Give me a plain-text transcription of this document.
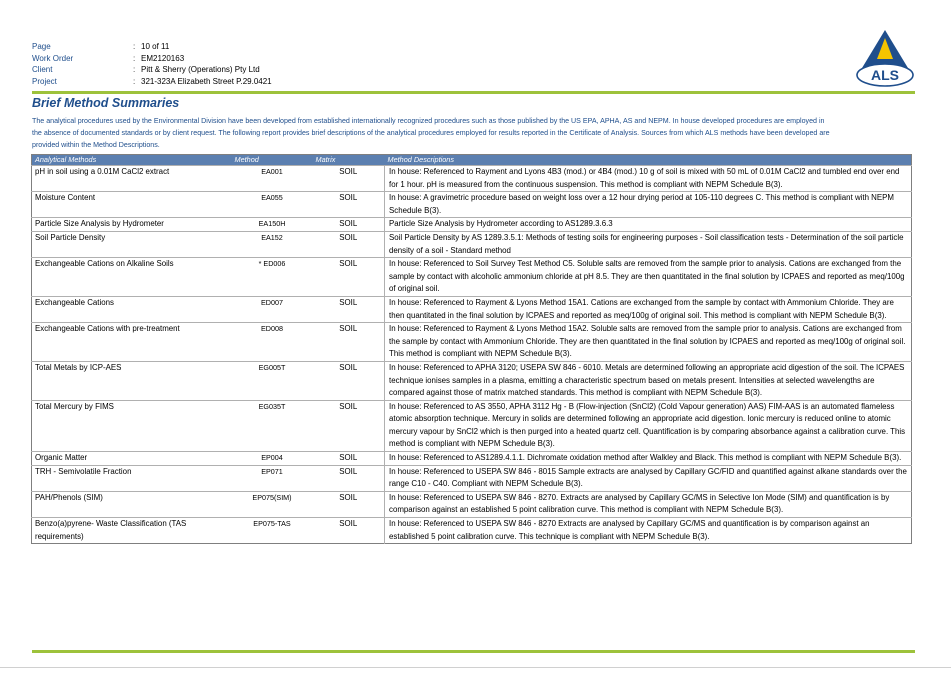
Page	: 10 of 11
Work Order	: EM2120163
Client	: Pitt & Sherry (Operations) Pty Ltd
Project	: 321-323A Elizabeth Street P.29.0421	ALS
Brief Method Summaries
The analytical procedures used by the Environmental Division have been developed from established internationally recognized procedures such as those published by the US EPA, APHA, AS and NEPM. In house developed procedures are employed in the absence of documented standards or by client request. The following report provides brief descriptions of the analytical procedures employed for results reported in the Certificate of Analysis. Sources from which ALS methods have been developed are provided within the Method Descriptions.
Analytical Methods	Method	Matrix	Method Descriptions
pH in soil using a 0.01M CaCl2 extract	EA001	SOIL	In house: Referenced to Rayment and Lyons 4B3 (mod.) or 4B4 (mod.) 10 g of soil is mixed with 50 mL of 0.01M CaCl2 and tumbled end over end for 1 hour. pH is measured from the continuous suspension. This method is compliant with NEPM Schedule B(3).
Moisture Content	EA055	SOIL	In house: A gravimetric procedure based on weight loss over a 12 hour drying period at 105-110 degrees C. This method is compliant with NEPM Schedule B(3).
Particle Size Analysis by Hydrometer	EA150H	SOIL	Particle Size Analysis by Hydrometer according to AS1289.3.6.3
Soil Particle Density	EA152	SOIL	Soil Particle Density by AS 1289.3.5.1: Methods of testing soils for engineering purposes - Soil classification tests - Determination of the soil particle density of a soil - Standard method
Exchangeable Cations on Alkaline Soils	* ED006	SOIL	In house: Referenced to Soil Survey Test Method C5. Soluble salts are removed from the sample prior to analysis. Cations are exchanged from the sample by contact with alcoholic ammonium chloride at pH 8.5. They are then quantitated in the final solution by ICPAES and reported as meq/100g of original soil.
Exchangeable Cations	ED007	SOIL	In house: Referenced to Rayment & Lyons Method 15A1. Cations are exchanged from the sample by contact with Ammonium Chloride. They are then quantitated in the final solution by ICPAES and reported as meq/100g of original soil. This method is compliant with NEPM Schedule B(3).
Exchangeable Cations with pre-treatment	ED008	SOIL	In house: Referenced to Rayment & Lyons Method 15A2. Soluble salts are removed from the sample prior to analysis. Cations are exchanged from the sample by contact with Ammonium Chloride. They are then quantitated in the final solution by ICPAES and reported as meq/100g of original soil. This method is compliant with NEPM Schedule B(3).
Total Metals by ICP-AES	EG005T	SOIL	In house: Referenced to APHA 3120; USEPA SW 846 - 6010. Metals are determined following an appropriate acid digestion of the soil. The ICPAES technique ionises samples in a plasma, emitting a characteristic spectrum based on metals present. Intensities at selected wavelengths are compared against those of matrix matched standards. This method is compliant with NEPM Schedule B(3).
Total Mercury by FIMS	EG035T	SOIL	In house: Referenced to AS 3550, APHA 3112 Hg - B (Flow-injection (SnCl2) (Cold Vapour generation) AAS) FIM-AAS is an automated flameless atomic absorption technique. Mercury in solids are determined following an appropriate acid digestion. Ionic mercury is reduced online to atomic mercury vapour by SnCl2 which is then purged into a heated quartz cell. Quantification is by comparing absorbance against a calibration curve. This method is compliant with NEPM Schedule B(3).
Organic Matter	EP004	SOIL	In house: Referenced to AS1289.4.1.1. Dichromate oxidation method after Walkley and Black. This method is compliant with NEPM Schedule B(3).
TRH - Semivolatile Fraction	EP071	SOIL	In house: Referenced to USEPA SW 846 - 8015 Sample extracts are analysed by Capillary GC/FID and quantified against alkane standards over the range C10 - C40. Compliant with NEPM Schedule B(3).
PAH/Phenols (SIM)	EP075(SIM)	SOIL	In house: Referenced to USEPA SW 846 - 8270. Extracts are analysed by Capillary GC/MS in Selective Ion Mode (SIM) and quantification is by comparison against an established 5 point calibration curve. This method is compliant with NEPM Schedule B(3).
Benzo(a)pyrene- Waste Classification (TAS requirements)	EP075-TAS	SOIL	In house: Referenced to USEPA SW 846 - 8270 Extracts are analysed by Capillary GC/MS and quantification is by comparison against an established 5 point calibration curve. This technique is compliant with NEPM Schedule B(3).
